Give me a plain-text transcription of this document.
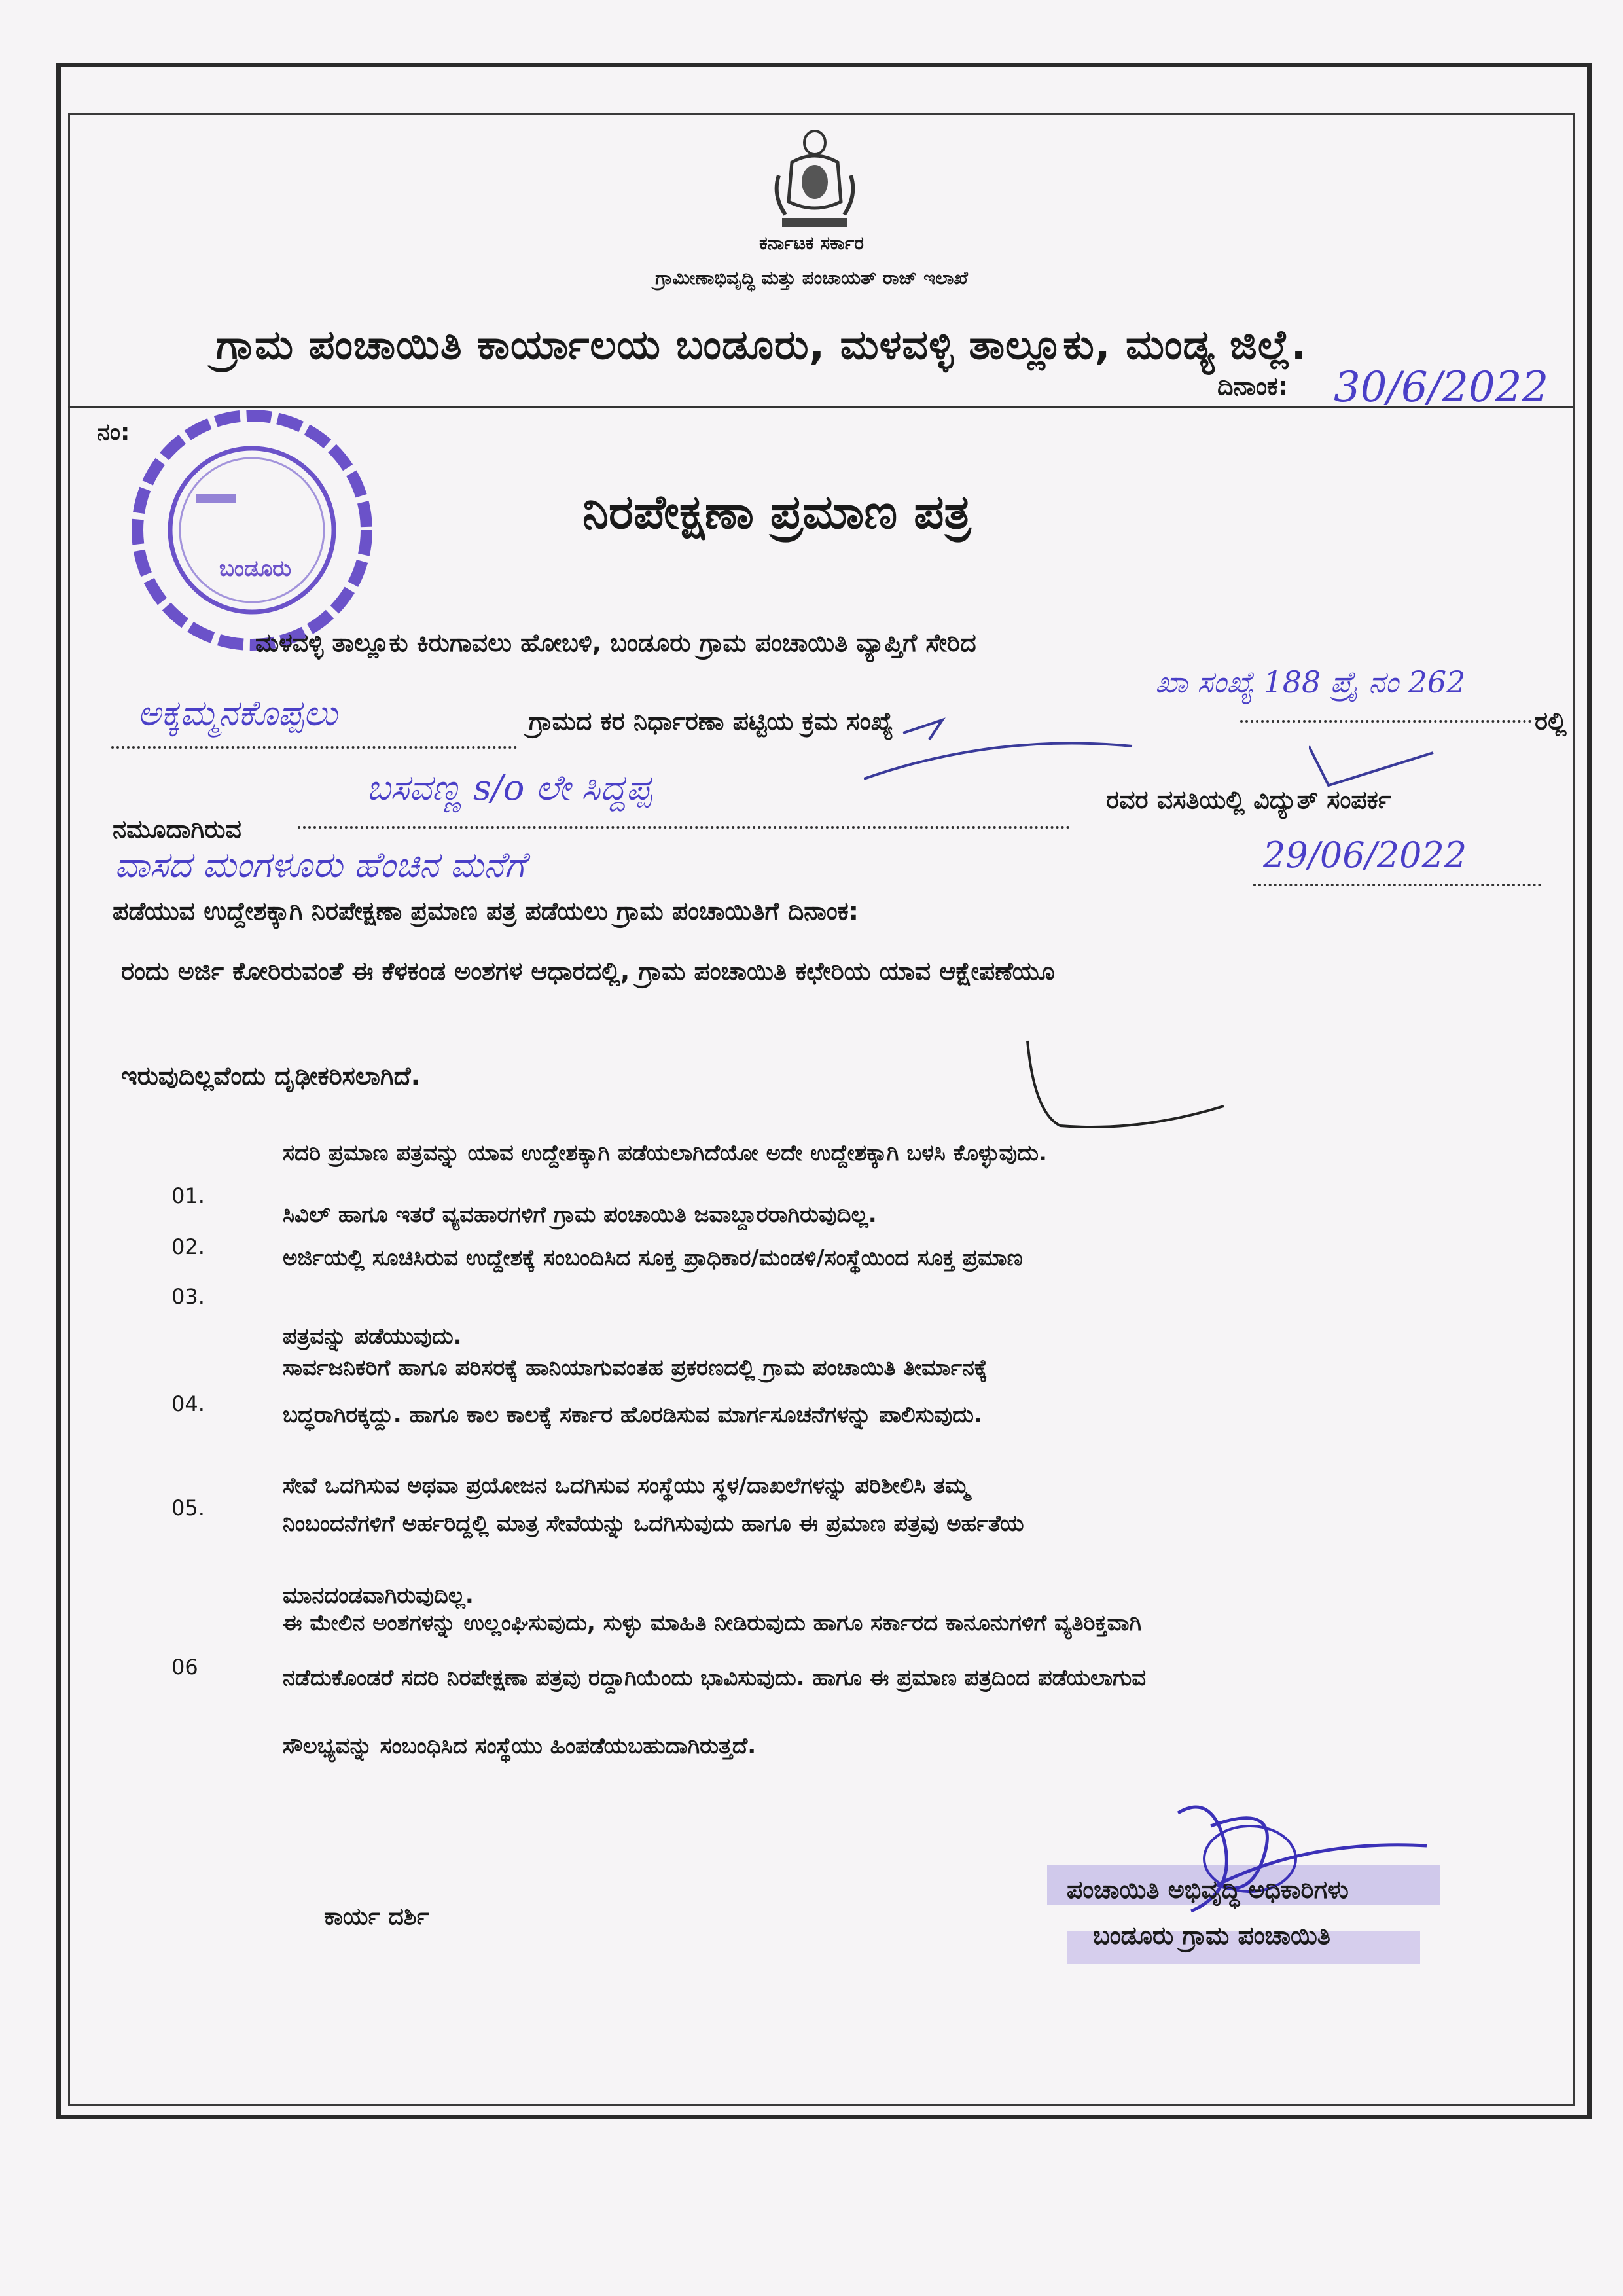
ಕರ್ನಾಟಕ ಸರ್ಕಾರ
ಗ್ರಾಮೀಣಾಭಿವೃದ್ಧಿ ಮತ್ತು ಪಂಚಾಯತ್ ರಾಜ್ ಇಲಾಖೆ
ಗ್ರಾಮ ಪಂಚಾಯಿತಿ ಕಾರ್ಯಾಲಯ ಬಂಡೂರು, ಮಳವಳ್ಳಿ ತಾಲ್ಲೂಕು, ಮಂಡ್ಯ ಜಿಲ್ಲೆ.
ದಿನಾಂಕ: 30/6/2022
ನಂ:
ಬಂಡೂರು
ನಿರಪೇಕ್ಷಣಾ ಪ್ರಮಾಣ ಪತ್ರ
ಮಳವಳ್ಳಿ ತಾಲ್ಲೂಕು ಕಿರುಗಾವಲು ಹೋಬಳಿ, ಬಂಡೂರು ಗ್ರಾಮ ಪಂಚಾಯಿತಿ ವ್ಯಾಪ್ತಿಗೆ ಸೇರಿದ
ಅಕ್ಕಮ್ಮನಕೊಪ್ಪಲು	ಗ್ರಾಮದ ಕರ ನಿರ್ಧಾರಣಾ ಪಟ್ಟಿಯ ಕ್ರಮ ಸಂಖ್ಯೆ
ಖಾ ಸಂಖ್ಯೆ 188 ಪ್ರೈ ನಂ 262
ರಲ್ಲಿ
ನಮೂದಾಗಿರುವ
ಬಸವಣ್ಣ s/o ಲೇ ಸಿದ್ದಪ್ಪ	ರವರ ವಸತಿಯಲ್ಲಿ ವಿದ್ಯುತ್ ಸಂಪರ್ಕ
ವಾಸದ ಮಂಗಳೂರು ಹೆಂಚಿನ ಮನೆಗೆ
ಪಡೆಯುವ ಉದ್ದೇಶಕ್ಕಾಗಿ ನಿರಪೇಕ್ಷಣಾ ಪ್ರಮಾಣ ಪತ್ರ ಪಡೆಯಲು ಗ್ರಾಮ ಪಂಚಾಯಿತಿಗೆ ದಿನಾಂಕ:
29/06/2022
ರಂದು ಅರ್ಜಿ ಕೋರಿರುವಂತೆ ಈ ಕೆಳಕಂಡ ಅಂಶಗಳ ಆಧಾರದಲ್ಲಿ, ಗ್ರಾಮ ಪಂಚಾಯಿತಿ ಕಛೇರಿಯ ಯಾವ ಆಕ್ಷೇಪಣೆಯೂ
ಇರುವುದಿಲ್ಲವೆಂದು ದೃಢೀಕರಿಸಲಾಗಿದೆ.
01.
ಸದರಿ ಪ್ರಮಾಣ ಪತ್ರವನ್ನು ಯಾವ ಉದ್ದೇಶಕ್ಕಾಗಿ ಪಡೆಯಲಾಗಿದೆಯೋ ಅದೇ ಉದ್ದೇಶಕ್ಕಾಗಿ ಬಳಸಿ ಕೊಳ್ಳುವುದು.
02.
ಸಿವಿಲ್ ಹಾಗೂ ಇತರೆ ವ್ಯವಹಾರಗಳಿಗೆ ಗ್ರಾಮ ಪಂಚಾಯಿತಿ ಜವಾಬ್ದಾರರಾಗಿರುವುದಿಲ್ಲ.
03.
ಅರ್ಜಿಯಲ್ಲಿ ಸೂಚಿಸಿರುವ ಉದ್ದೇಶಕ್ಕೆ ಸಂಬಂದಿಸಿದ ಸೂಕ್ತ ಪ್ರಾಧಿಕಾರ/ಮಂಡಳಿ/ಸಂಸ್ಥೆಯಿಂದ ಸೂಕ್ತ ಪ್ರಮಾಣ
ಪತ್ರವನ್ನು ಪಡೆಯುವುದು.
04.
ಸಾರ್ವಜನಿಕರಿಗೆ ಹಾಗೂ ಪರಿಸರಕ್ಕೆ ಹಾನಿಯಾಗುವಂತಹ ಪ್ರಕರಣದಲ್ಲಿ ಗ್ರಾಮ ಪಂಚಾಯಿತಿ ತೀರ್ಮಾನಕ್ಕೆ
ಬದ್ಧರಾಗಿರಕ್ಕದ್ದು. ಹಾಗೂ ಕಾಲ ಕಾಲಕ್ಕೆ ಸರ್ಕಾರ ಹೊರಡಿಸುವ ಮಾರ್ಗಸೂಚನೆಗಳನ್ನು ಪಾಲಿಸುವುದು.
05.
ಸೇವೆ ಒದಗಿಸುವ ಅಥವಾ ಪ್ರಯೋಜನ ಒದಗಿಸುವ ಸಂಸ್ಥೆಯು ಸ್ಥಳ/ದಾಖಲೆಗಳನ್ನು ಪರಿಶೀಲಿಸಿ ತಮ್ಮ
ನಿಂಬಂದನೆಗಳಿಗೆ ಅರ್ಹರಿದ್ದಲ್ಲಿ ಮಾತ್ರ ಸೇವೆಯನ್ನು ಒದಗಿಸುವುದು ಹಾಗೂ ಈ ಪ್ರಮಾಣ ಪತ್ರವು ಅರ್ಹತೆಯ
ಮಾನದಂಡವಾಗಿರುವುದಿಲ್ಲ.
06
ಈ ಮೇಲಿನ ಅಂಶಗಳನ್ನು ಉಲ್ಲಂಘಿಸುವುದು, ಸುಳ್ಳು ಮಾಹಿತಿ ನೀಡಿರುವುದು ಹಾಗೂ ಸರ್ಕಾರದ ಕಾನೂನುಗಳಿಗೆ ವ್ಯತಿರಿಕ್ತವಾಗಿ
ನಡೆದುಕೊಂಡರೆ ಸದರಿ ನಿರಪೇಕ್ಷಣಾ ಪತ್ರವು ರದ್ದಾಗಿಯೆಂದು ಭಾವಿಸುವುದು. ಹಾಗೂ ಈ ಪ್ರಮಾಣ ಪತ್ರದಿಂದ ಪಡೆಯಲಾಗುವ
ಸೌಲಭ್ಯವನ್ನು ಸಂಬಂಧಿಸಿದ ಸಂಸ್ಥೆಯು ಹಿಂಪಡೆಯಬಹುದಾಗಿರುತ್ತದೆ.
ಕಾರ್ಯ ದರ್ಶಿ
ಪಂಚಾಯಿತಿ ಅಭಿವೃದ್ಧಿ ಅಧಿಕಾರಿಗಳು
ಬಂಡೂರು ಗ್ರಾಮ ಪಂಚಾಯಿತಿ
